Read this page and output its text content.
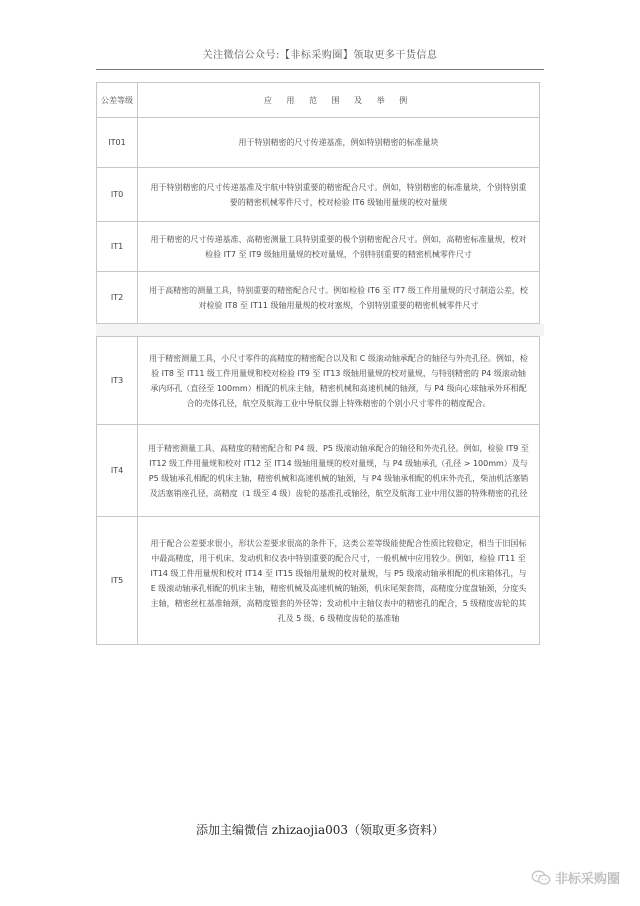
关注微信公众号:【非标采购圈】领取更多干货信息
公差等级	应 用 范 围 及 举 例
IT01	用于特别精密的尺寸传递基准，例如特别精密的标准量块
IT0	用于特别精密的尺寸传递基准及宇航中特别重要的精密配合尺寸。例如，特别精密的标准量块，个别特别重要的精密机械零件尺寸，校对检验 IT6 级轴用量规的校对量规
IT1	用于精密的尺寸传递基准、高精密测量工具特别重要的极个别精密配合尺寸。例如，高精密标准量规，校对检验 IT7 至 IT9 级轴用量规的校对量规，个别特别重要的精密机械零件尺寸
IT2	用于高精密的测量工具，特别重要的精密配合尺寸。例如检验 IT6 至 IT7 级工件用量规的尺寸制造公差，校对检验 IT8 至 IT11 级轴用量规的校对塞规，个别特别重要的精密机械零件尺寸
IT3	用于精密测量工具，小尺寸零件的高精度的精密配合以及和 C 级滚动轴承配合的轴径与外壳孔径。例如，检验 IT8 至 IT11 级工件用量规和校对检验 IT9 至 IT13 级轴用量规的校对量规，与特别精密的 P4 级滚动轴承内环孔（直径至 100mm）相配的机床主轴，精密机械和高速机械的轴颈，与 P4 级向心球轴承外环相配合的壳体孔径，航空及航海工业中导航仪器上特殊精密的个别小尺寸零件的精度配合。
IT4	用于精密测量工具、高精度的精密配合和 P4 级、P5 级滚动轴承配合的轴径和外壳孔径。例如，检验 IT9 至 IT12 级工件用量规和校对 IT12 至 IT14 级轴用量规的校对量规，与 P4 级轴承孔（孔径 > 100mm）及与 P5 级轴承孔相配的机床主轴，精密机械和高速机械的轴颈，与 P4 级轴承相配的机床外壳孔，柴油机活塞销及活塞销座孔径，高精度（1 级至 4 级）齿轮的基准孔或轴径，航空及航海工业中用仪器的特殊精密的孔径
IT5	用于配合公差要求很小，形状公差要求很高的条件下，这类公差等级能使配合性质比较稳定，相当于旧国标中最高精度，用于机床、发动机和仪表中特别重要的配合尺寸，一般机械中应用较少。例如，检验 IT11 至 IT14 级工件用量规和校对 IT14 至 IT15 级轴用量规的校对量规，与 P5 级滚动轴承相配的机床箱体孔，与 E 级滚动轴承孔相配的机床主轴，精密机械及高速机械的轴颈，机床尾架套筒，高精度分度盘轴颈，分度头主轴，精密丝杠基准轴颈，高精度镗套的外径等；发动机中主轴仪表中的精密孔的配合，5 级精度齿轮的其孔及 5 级、6 级精度齿轮的基准轴
添加主编微信 zhizaojia003（领取更多资料）
非标采购圈
